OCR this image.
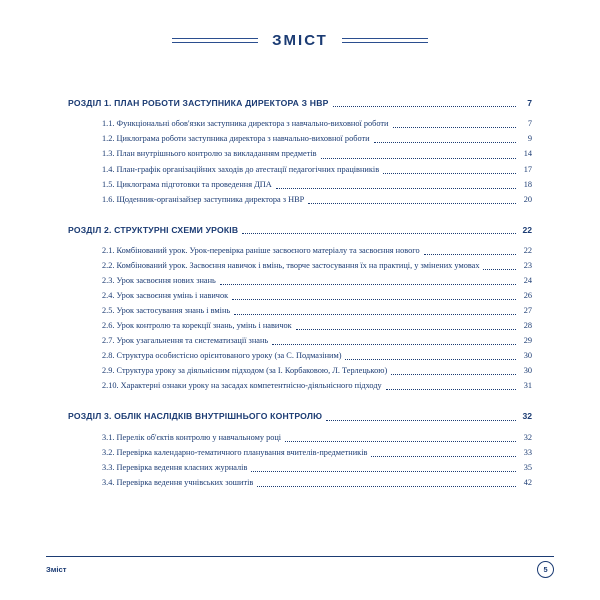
ЗМІСТ
РОЗДІЛ 1. ПЛАН РОБОТИ ЗАСТУПНИКА ДИРЕКТОРА З НВР	7
1.1. Функціональні обов'язки заступника директора з навчально-виховної роботи	7
1.2. Циклограма роботи заступника директора з навчально-виховної роботи	9
1.3. План внутрішнього контролю за викладанням предметів	14
1.4. План-графік організаційних заходів до атестації педагогічних працівників	17
1.5. Циклограма підготовки та проведення ДПА	18
1.6. Щоденник-організайзер заступника директора з НВР	20
РОЗДІЛ 2. СТРУКТУРНІ СХЕМИ УРОКІВ	22
2.1. Комбінований урок. Урок-перевірка раніше засвоєного матеріалу та засвоєння нового	22
2.2. Комбінований урок. Засвоєння навичок і вмінь, творче застосування їх на практиці, у змінених умовах	23
2.3. Урок засвоєння нових знань	24
2.4. Урок засвоєння умінь і навичок	26
2.5. Урок застосування знань і вмінь	27
2.6. Урок контролю та корекції знань, умінь і навичок	28
2.7. Урок узагальнення та систематизації знань	29
2.8. Структура особистісно орієнтованого уроку (за С. Подмазіним)	30
2.9. Структура уроку за діяльнісним підходом (за І. Корбаковою, Л. Терлецькою)	30
2.10. Характерні ознаки уроку на засадах компетентнісно-діяльнісного підходу	31
РОЗДІЛ 3. ОБЛІК НАСЛІДКІВ ВНУТРІШНЬОГО КОНТРОЛЮ	32
3.1. Перелік об'єктів контролю у навчальному році	32
3.2. Перевірка календарно-тематичного планування вчителів-предметників	33
3.3. Перевірка ведення класних журналів	35
3.4. Перевірка ведення учнівських зошитів	42
Зміст	5
